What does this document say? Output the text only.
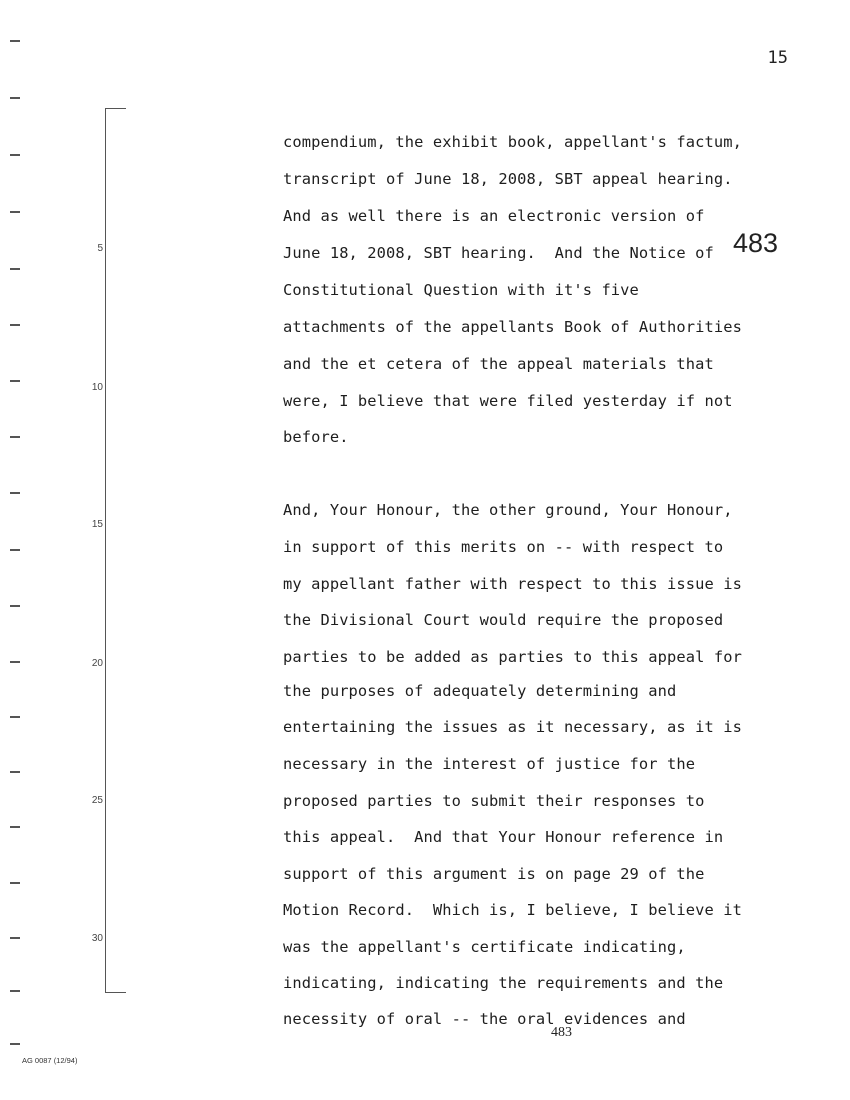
15
483
5
10
15
20
25
30
compendium, the exhibit book, appellant's factum,
transcript of June 18, 2008, SBT appeal hearing.
And as well there is an electronic version of
June 18, 2008, SBT hearing.  And the Notice of
Constitutional Question with it's five
attachments of the appellants Book of Authorities
and the et cetera of the appeal materials that
were, I believe that were filed yesterday if not
before.
And, Your Honour, the other ground, Your Honour,
in support of this merits on -- with respect to
my appellant father with respect to this issue is
the Divisional Court would require the proposed
parties to be added as parties to this appeal for
the purposes of adequately determining and
entertaining the issues as it necessary, as it is
necessary in the interest of justice for the
proposed parties to submit their responses to
this appeal.  And that Your Honour reference in
support of this argument is on page 29 of the
Motion Record.  Which is, I believe, I believe it
was the appellant's certificate indicating,
indicating, indicating the requirements and the
necessity of oral -- the oral evidences and
483
AG 0087 (12/94)
